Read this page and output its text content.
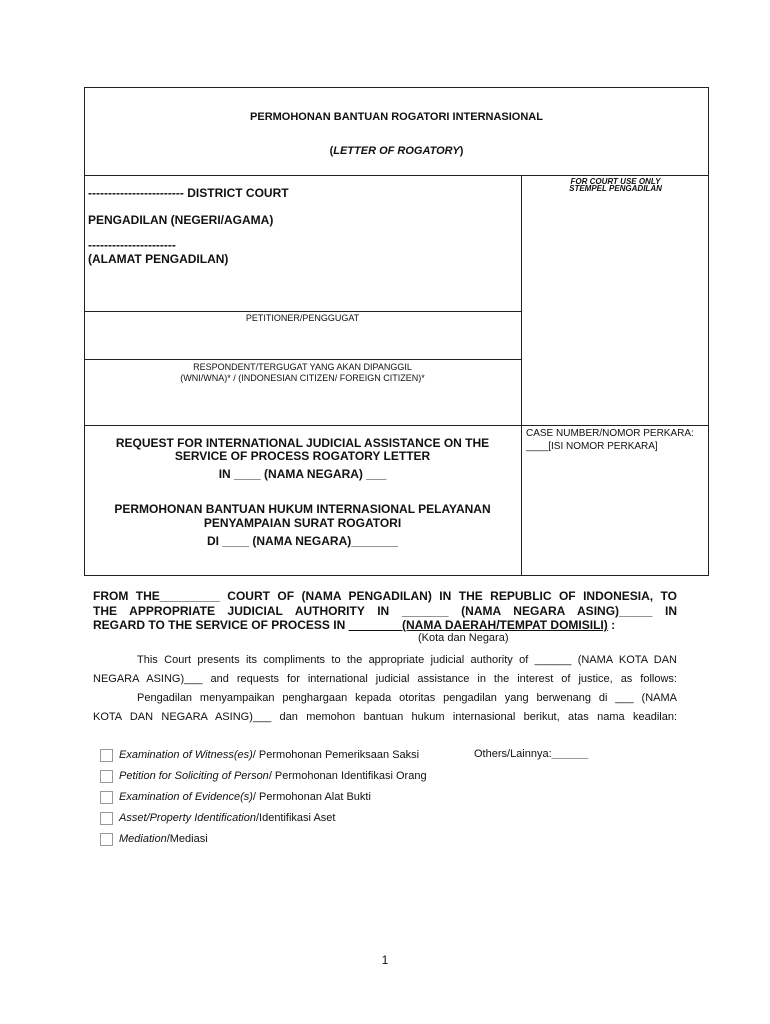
PERMOHONAN BANTUAN ROGATORI INTERNASIONAL
(LETTER OF ROGATORY)
------------------------ DISTRICT COURT
PENGADILAN (NEGERI/AGAMA)
----------------------
(ALAMAT PENGADILAN)
FOR COURT USE ONLY
STEMPEL PENGADILAN
PETITIONER/PENGGUGAT
RESPONDENT/TERGUGAT YANG AKAN DIPANGGIL
(WNI/WNA)* / (INDONESIAN CITIZEN/ FOREIGN CITIZEN)*
REQUEST FOR INTERNATIONAL JUDICIAL ASSISTANCE ON THE
SERVICE OF PROCESS ROGATORY LETTER
IN ____ (NAMA NEGARA) ___
PERMOHONAN BANTUAN HUKUM INTERNASIONAL PELAYANAN
PENYAMPAIAN SURAT ROGATORI
DI ____ (NAMA NEGARA)_______
CASE NUMBER/NOMOR PERKARA:
____[ISI NOMOR PERKARA]
FROM THE_________ COURT OF (NAMA PENGADILAN) IN THE REPUBLIC OF INDONESIA, TO
THE APPROPRIATE JUDICIAL AUTHORITY IN _______ (NAMA NEGARA ASING)_____ IN
REGARD TO THE SERVICE OF PROCESS IN ________(NAMA DAERAH/TEMPAT DOMISILI) :
(Kota dan Negara)
This Court presents its compliments to the appropriate judicial authority of ______ (NAMA KOTA DAN
NEGARA ASING)___ and requests for international judicial assistance in the interest of justice, as follows:
Pengadilan menyampaikan penghargaan kepada otoritas pengadilan yang berwenang di ___ (NAMA
KOTA DAN NEGARA ASING)___ dan memohon bantuan hukum internasional berikut, atas nama keadilan:
Examination of Witness(es)/ Permohonan Pemeriksaan Saksi
Petition for Soliciting of Person/ Permohonan Identifikasi Orang
Examination of Evidence(s)/ Permohonan Alat Bukti
Asset/Property Identification/Identifikasi Aset
Mediation/Mediasi
Others/Lainnya:______
1
